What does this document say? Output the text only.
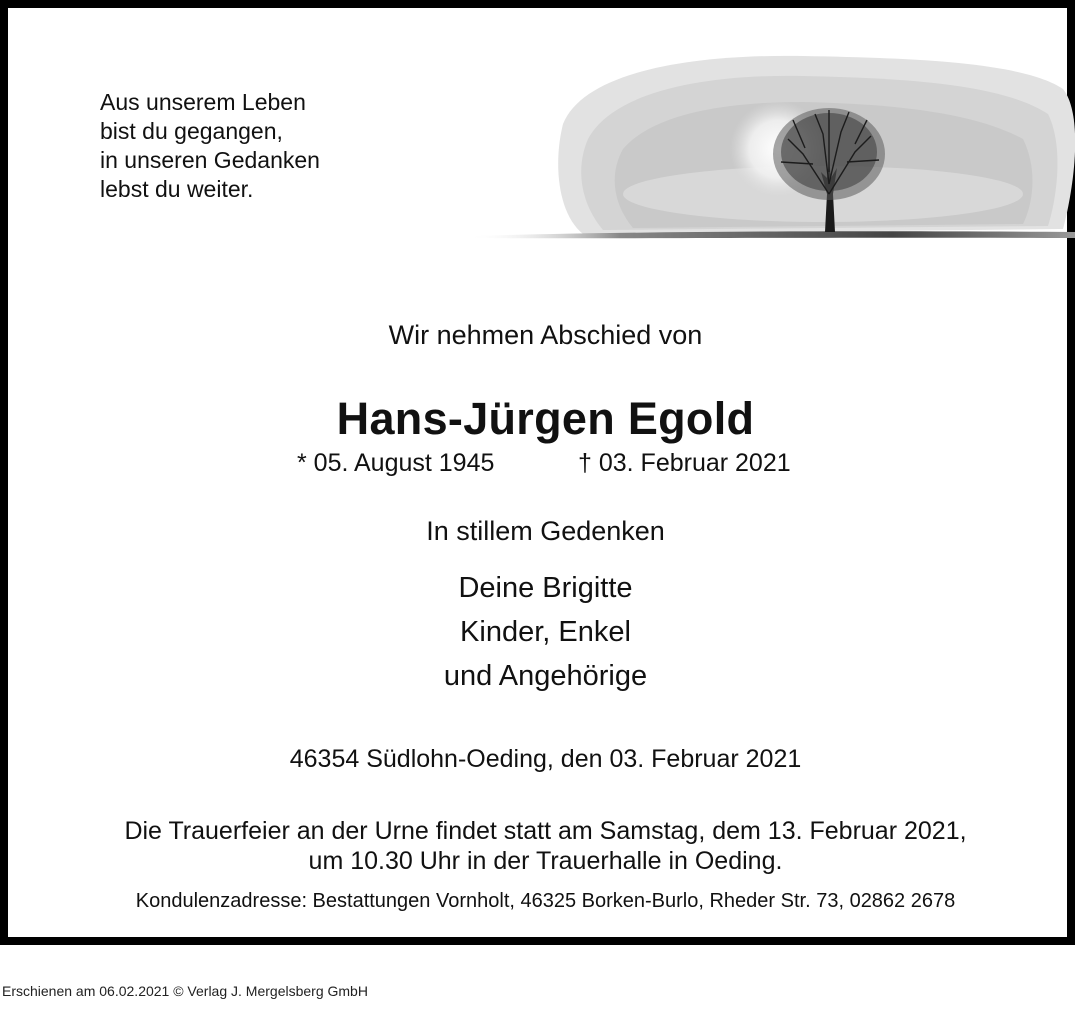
Aus unserem Leben
bist du gegangen,
in unseren Gedanken
lebst du weiter.
Wir nehmen Abschied von
Hans-Jürgen Egold
* 05. August 1945	† 03. Februar 2021
In stillem Gedenken
Deine Brigitte
Kinder, Enkel
und Angehörige
46354 Südlohn-Oeding, den 03. Februar 2021
Die Trauerfeier an der Urne findet statt am Samstag, dem 13. Februar 2021,
um 10.30 Uhr in der Trauerhalle in Oeding.
Kondulenzadresse: Bestattungen Vornholt, 46325 Borken-Burlo, Rheder Str. 73, 02862 2678
Erschienen am 06.02.2021 © Verlag J. Mergelsberg GmbH
